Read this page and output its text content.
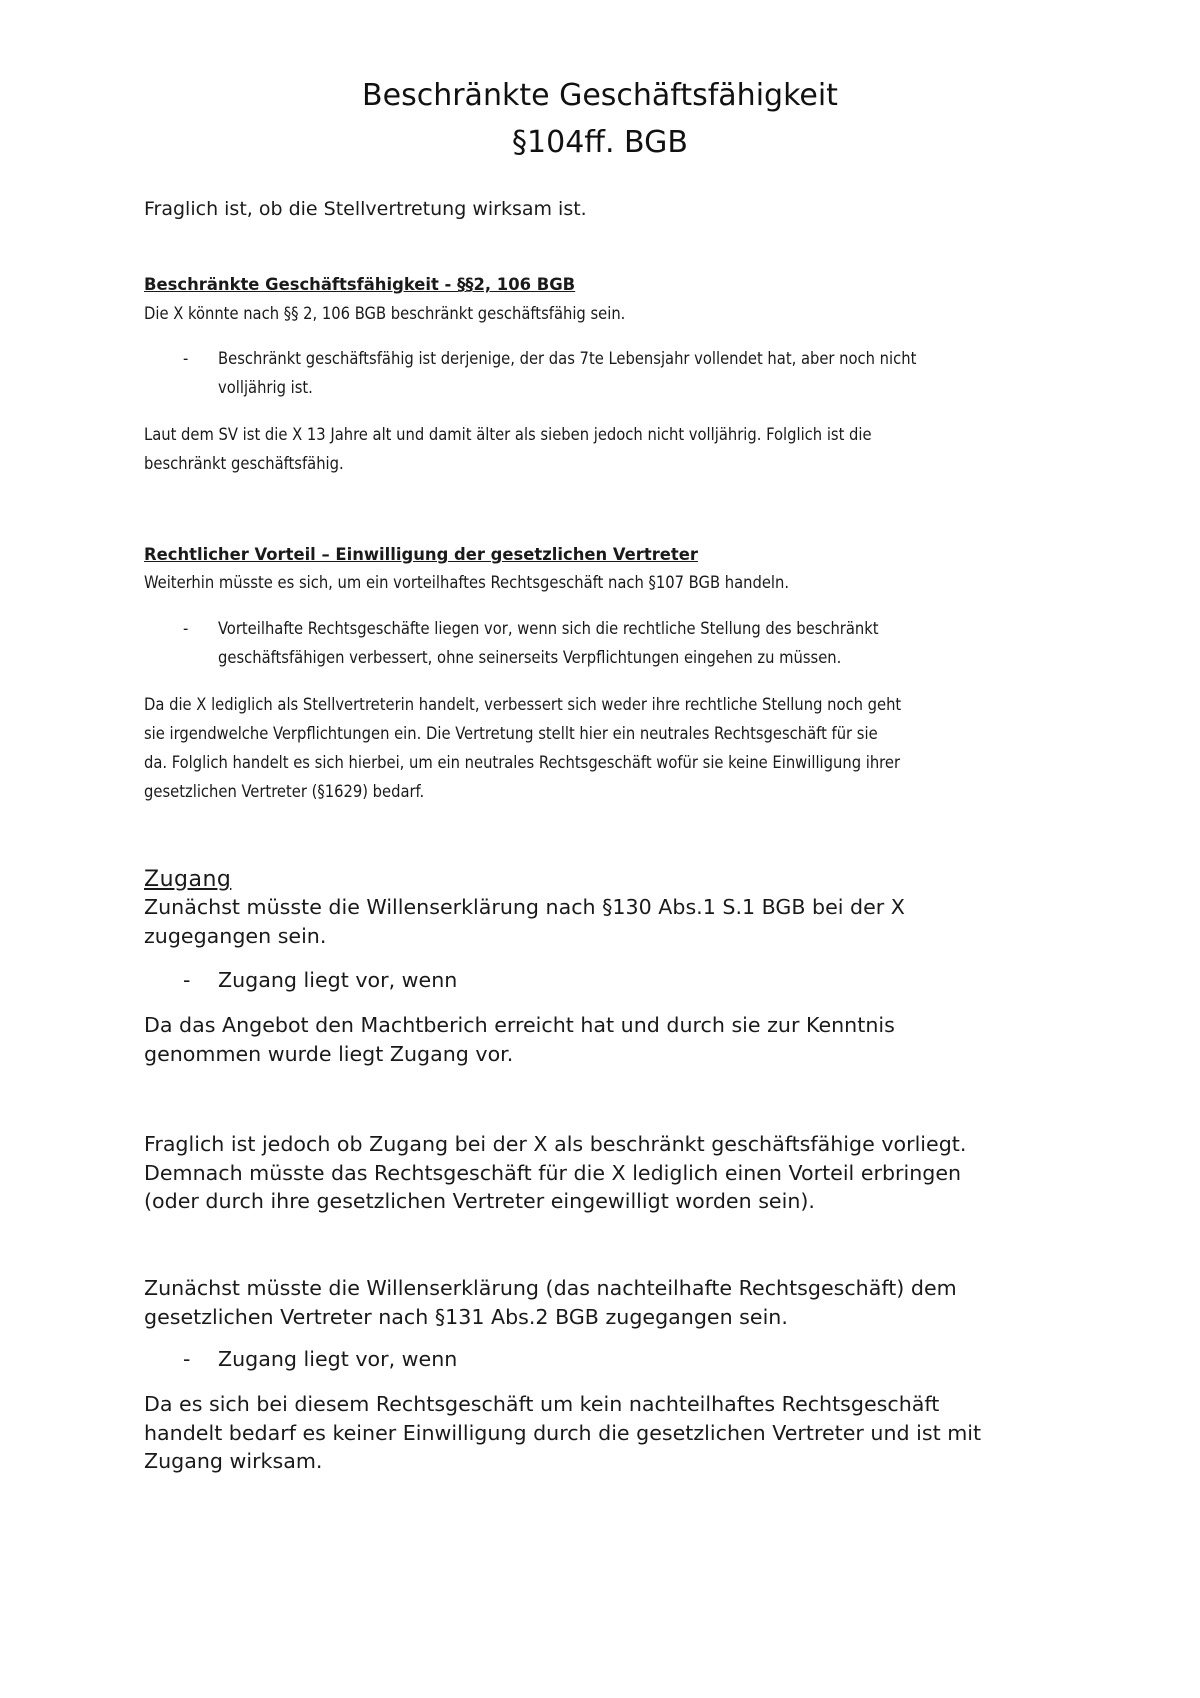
Beschränkte Geschäftsfähigkeit
§104ff. BGB

Fraglich ist, ob die Stellvertretung wirksam ist.

Beschränkte Geschäftsfähigkeit - §§2, 106 BGB

Die X könnte nach §§ 2, 106 BGB beschränkt geschäftsfähig sein.

- Beschränkt geschäftsfähig ist derjenige, der das 7te Lebensjahr vollendet hat, aber noch nicht
volljährig ist.

Laut dem SV ist die X 13 Jahre alt und damit älter als sieben jedoch nicht volljährig. Folglich ist die
beschränkt geschäftsfähig.

Rechtlicher Vorteil – Einwilligung der gesetzlichen Vertreter

Weiterhin müsste es sich, um ein vorteilhaftes Rechtsgeschäft nach §107 BGB handeln.

- Vorteilhafte Rechtsgeschäfte liegen vor, wenn sich die rechtliche Stellung des beschränkt
geschäftsfähigen verbessert, ohne seinerseits Verpflichtungen eingehen zu müssen.

Da die X lediglich als Stellvertreterin handelt, verbessert sich weder ihre rechtliche Stellung noch geht
sie irgendwelche Verpflichtungen ein. Die Vertretung stellt hier ein neutrales Rechtsgeschäft für sie
da. Folglich handelt es sich hierbei, um ein neutrales Rechtsgeschäft wofür sie keine Einwilligung ihrer
gesetzlichen Vertreter (§1629) bedarf.

Zugang

Zunächst müsste die Willenserklärung nach §130 Abs.1 S.1 BGB bei der X
zugegangen sein.

- Zugang liegt vor, wenn

Da das Angebot den Machtberich erreicht hat und durch sie zur Kenntnis
genommen wurde liegt Zugang vor.

Fraglich ist jedoch ob Zugang bei der X als beschränkt geschäftsfähige vorliegt.
Demnach müsste das Rechtsgeschäft für die X lediglich einen Vorteil erbringen
(oder durch ihre gesetzlichen Vertreter eingewilligt worden sein).

Zunächst müsste die Willenserklärung (das nachteilhafte Rechtsgeschäft) dem
gesetzlichen Vertreter nach §131 Abs.2 BGB zugegangen sein.

- Zugang liegt vor, wenn

Da es sich bei diesem Rechtsgeschäft um kein nachteilhaftes Rechtsgeschäft
handelt bedarf es keiner Einwilligung durch die gesetzlichen Vertreter und ist mit
Zugang wirksam.
